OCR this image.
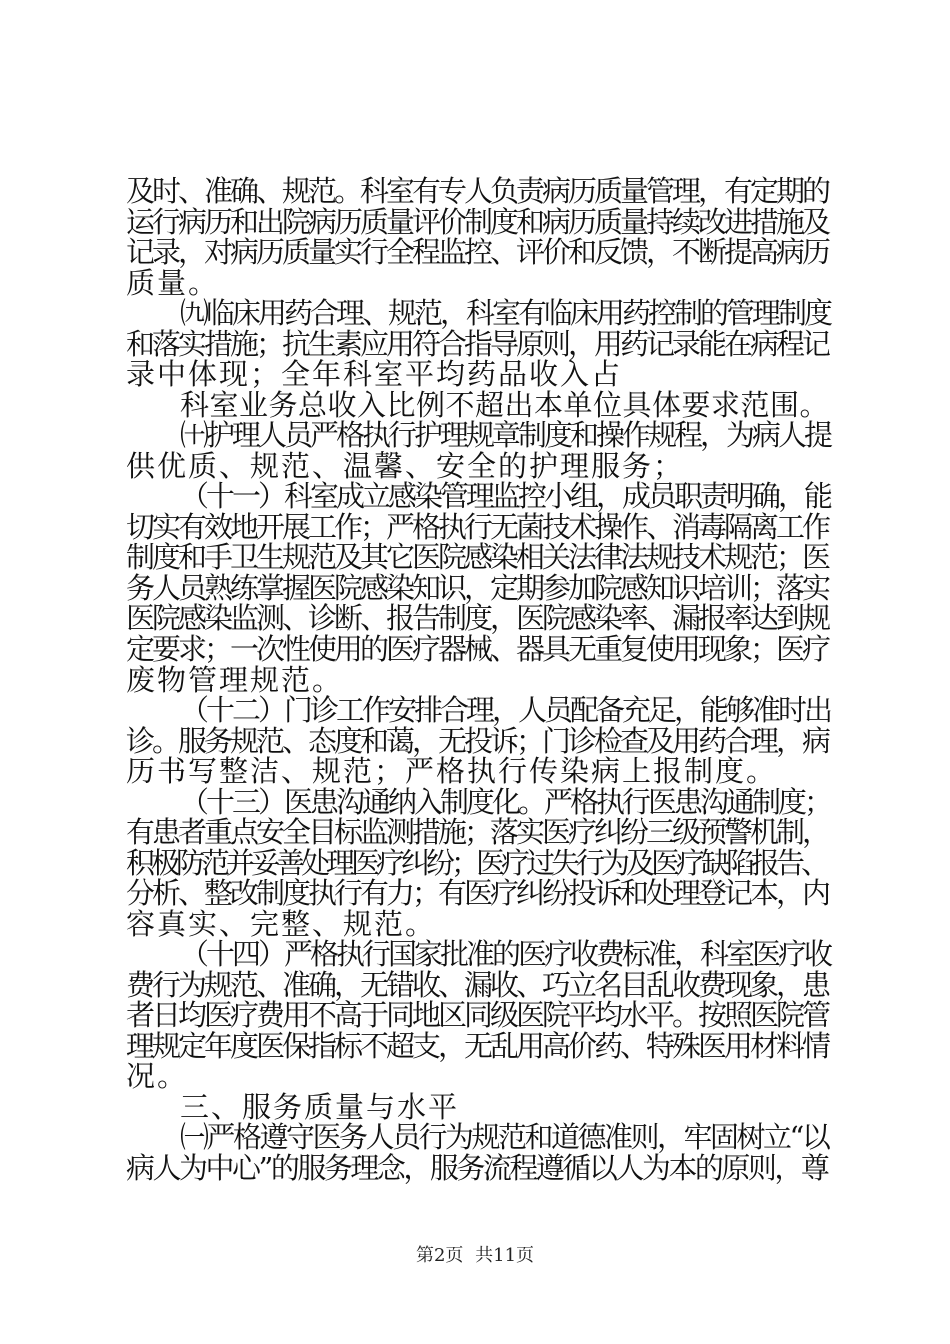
及时、准确、规范。科室有专人负责病历质量管理，有定期的
运行病历和出院病历质量评价制度和病历质量持续改进措施及
记录，对病历质量实行全程监控、评价和反馈，不断提高病历
质量。
㈨临床用药合理、规范，科室有临床用药控制的管理制度
和落实措施；抗生素应用符合指导原则，用药记录能在病程记
录中体现；全年科室平均药品收入占
科室业务总收入比例不超出本单位具体要求范围。
㈩护理人员严格执行护理规章制度和操作规程，为病人提
供优质、规范、温馨、安全的护理服务；
（十一）科室成立感染管理监控小组，成员职责明确，能
切实有效地开展工作；严格执行无菌技术操作、消毒隔离工作
制度和手卫生规范及其它医院感染相关法律法规技术规范；医
务人员熟练掌握医院感染知识，定期参加院感知识培训；落实
医院感染监测、诊断、报告制度，医院感染率、漏报率达到规
定要求；一次性使用的医疗器械、器具无重复使用现象；医疗
废物管理规范。
（十二）门诊工作安排合理，人员配备充足，能够准时出
诊。服务规范、态度和蔼，无投诉；门诊检查及用药合理，病
历书写整洁、规范；严格执行传染病上报制度。
（十三）医患沟通纳入制度化。严格执行医患沟通制度；
有患者重点安全目标监测措施；落实医疗纠纷三级预警机制，
积极防范并妥善处理医疗纠纷；医疗过失行为及医疗缺陷报告、
分析、整改制度执行有力；有医疗纠纷投诉和处理登记本，内
容真实、完整、规范。
（十四）严格执行国家批准的医疗收费标准，科室医疗收
费行为规范、准确，无错收、漏收、巧立名目乱收费现象，患
者日均医疗费用不高于同地区同级医院平均水平。按照医院管
理规定年度医保指标不超支，无乱用高价药、特殊医用材料情
况。
三、服务质量与水平
㈠严格遵守医务人员行为规范和道德准则，牢固树立“以
病人为中心”的服务理念，服务流程遵循以人为本的原则，尊
第2页 共11页
